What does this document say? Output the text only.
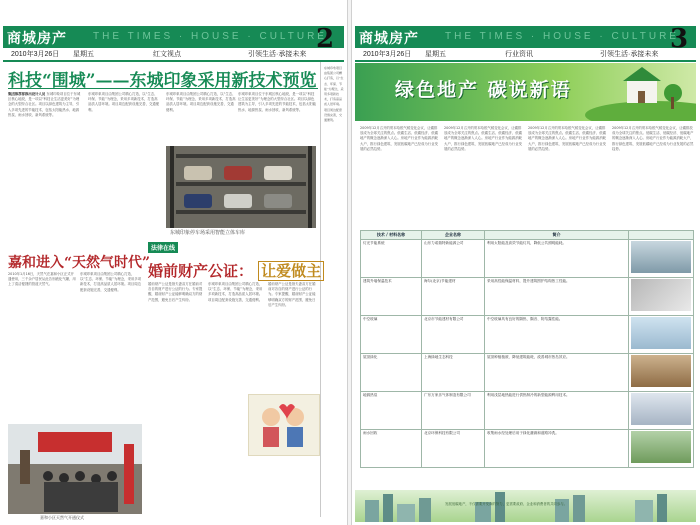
商城房产	THE TIMES · HOUSE · CULTURE
2
2010年3月26日 星期五	红文视点	引领生活·承接未来
科技“围城”——东城印象采用新技术预览
集团推荐部推出设计人员 东城印象项目位于东城区核心地段，是一项以“科技让生活更美好”为理念的大型综合社区。项目以绿色建筑为主导，引入多项先进的节能技术，包括太阳能热水、地源热泵、雨水回收、新风系统等。
东城印象项目由集团公司精心打造，以“生态、环保、节能”为理念，采用多项新技术，打造高品质人居环境。项目周边配套设施完善，交通便利。
东城印象项目由集团公司精心打造，以“生态、环保、节能”为理念，采用多项新技术，打造高品质人居环境。项目周边配套设施完善，交通便利。
东城印象停车场采用智能立体车库
东城印象项目位于东城区核心地段，是一项以“科技让生活更美好”为理念的大型综合社区。项目以绿色建筑为主导，引入多项先进的节能技术，包括太阳能热水、地源热泵、雨水回收、新风系统等。
东城印象项目由集团公司精心打造，以“生态、环保、节能”为理念，采用多项新技术，打造高品质人居环境。项目周边配套设施完善，交通便利。
嘉和进入“天然气时代”
2010年1月16日，天然气在嘉和小区正式开通使用，三千余户居民从此告别液化气罐，用上了清洁便捷的管道天然气。
东城印象项目由集团公司精心打造，以“生态、环保、节能”为理念，采用多项新技术，打造高品质人居环境。项目周边配套设施完善，交通便利。
嘉和小区天然气开通仪式
法律在线
婚前财产公证： 让爱做主
婚前财产公证是指夫妻双方在婚前对各自的财产进行公证的行为。专家提醒，婚前财产公证能够明确双方的财产范围，避免日后产生纠纷。
东城印象项目由集团公司精心打造，以“生态、环保、节能”为理念，采用多项新技术，打造高品质人居环境。项目周边配套设施完善，交通便利。
婚前财产公证是指夫妻双方在婚前对各自的财产进行公证的行为。专家提醒，婚前财产公证能够明确双方的财产范围，避免日后产生纠纷。
商城房产	THE TIMES · HOUSE · CULTURE
3
2010年3月26日 星期五	行业资讯	引领生活·承接未来
绿色地产 碳说新语
2009年12月召开的哥本哈根气候变化会议，让碳排放成为全球关注的焦点。低碳生活、低碳经济、低碳地产的概念逐渐深入人心。房地产行业作为能源消耗大户，推行绿色建筑、发展低碳地产已经成为行业发展的必然趋势。
2009年12月召开的哥本哈根气候变化会议，让碳排放成为全球关注的焦点。低碳生活、低碳经济、低碳地产的概念逐渐深入人心。房地产行业作为能源消耗大户，推行绿色建筑、发展低碳地产已经成为行业发展的必然趋势。
2009年12月召开的哥本哈根气候变化会议，让碳排放成为全球关注的焦点。低碳生活、低碳经济、低碳地产的概念逐渐深入人心。房地产行业作为能源消耗大户，推行绿色建筑、发展低碳地产已经成为行业发展的必然趋势。
2009年12月召开的哥本哈根气候变化会议，让碳排放成为全球关注的焦点。低碳生活、低碳经济、低碳地产的概念逐渐深入人心。房地产行业作为能源消耗大户，推行绿色建筑、发展低碳地产已经成为行业发展的必然趋势。
技术 / 材料名称	企业名称	简介	
灯光节能系统	山东力诺瑞特新能源公司	利用太阳能及高效节能灯具，降低公共照明能耗。	

建筑外墙保温技术	海尔(北京)节能建材	采用高性能保温材料，提升建筑围护结构热工性能。	

中空玻璃	北京市节能建材有限公司	中空玻璃具有良好的隔热、隔音、防结露性能。	

屋顶绿化	上海绿地生态科技	屋顶种植植被，降低建筑能耗，改善城市热岛效应。	

地源热泵	广东万家乐气体制造有限公司	利用浅层地热能进行供热制冷的新型能源利用技术。	

雨水回收	北京环保科技有限公司	收集雨水经处理后用于绿化灌溉和道路冲洗。	
发展低碳地产，不仅需要开发商的努力，更需要政府、企业和消费者的共同参与。
